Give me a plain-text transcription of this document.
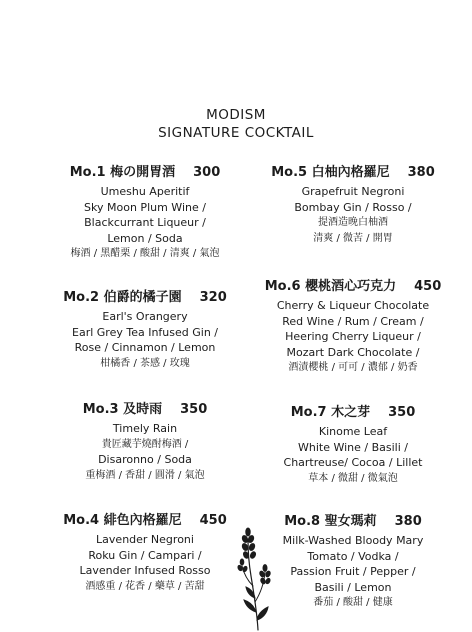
MODISM
SIGNATURE COCKTAIL
Mo.1 梅の開胃酒 300
Umeshu Aperitif
Sky Moon Plum Wine /
Blackcurrant Liqueur /
Lemon / Soda
梅酒 / 黑醋栗 / 酸甜 / 清爽 / 氣泡
Mo.2 伯爵的橘子園 320
Earl's Orangery
Earl Grey Tea Infused Gin /
Rose / Cinnamon / Lemon
柑橘香 / 茶感 / 玫瑰
Mo.3 及時雨 350
Timely Rain
貴匠藏芋燒酎梅酒 /
Disaronno / Soda
重梅酒 / 香甜 / 圓滑 / 氣泡
Mo.4 緋色內格羅尼 450
Lavender Negroni
Roku Gin / Campari /
Lavender Infused Rosso
酒感重 / 花香 / 藥草 / 苦甜
Mo.5 白柚內格羅尼 380
Grapefruit Negroni
Bombay Gin / Rosso /
提酒造晚白柚酒
清爽 / 微苦 / 開胃
Mo.6 櫻桃酒心巧克力 450
Cherry & Liqueur Chocolate
Red Wine / Rum / Cream /
Heering Cherry Liqueur /
Mozart Dark Chocolate /
酒漬櫻桃 / 可可 / 濃郁 / 奶香
Mo.7 木之芽 350
Kinome Leaf
White Wine / Basili /
Chartreuse/ Cocoa / Lillet
草本 / 微甜 / 微氣泡
Mo.8 聖女瑪莉 380
Milk-Washed Bloody Mary
Tomato / Vodka /
Passion Fruit / Pepper /
Basili / Lemon
番茄 / 酸甜 / 健康
